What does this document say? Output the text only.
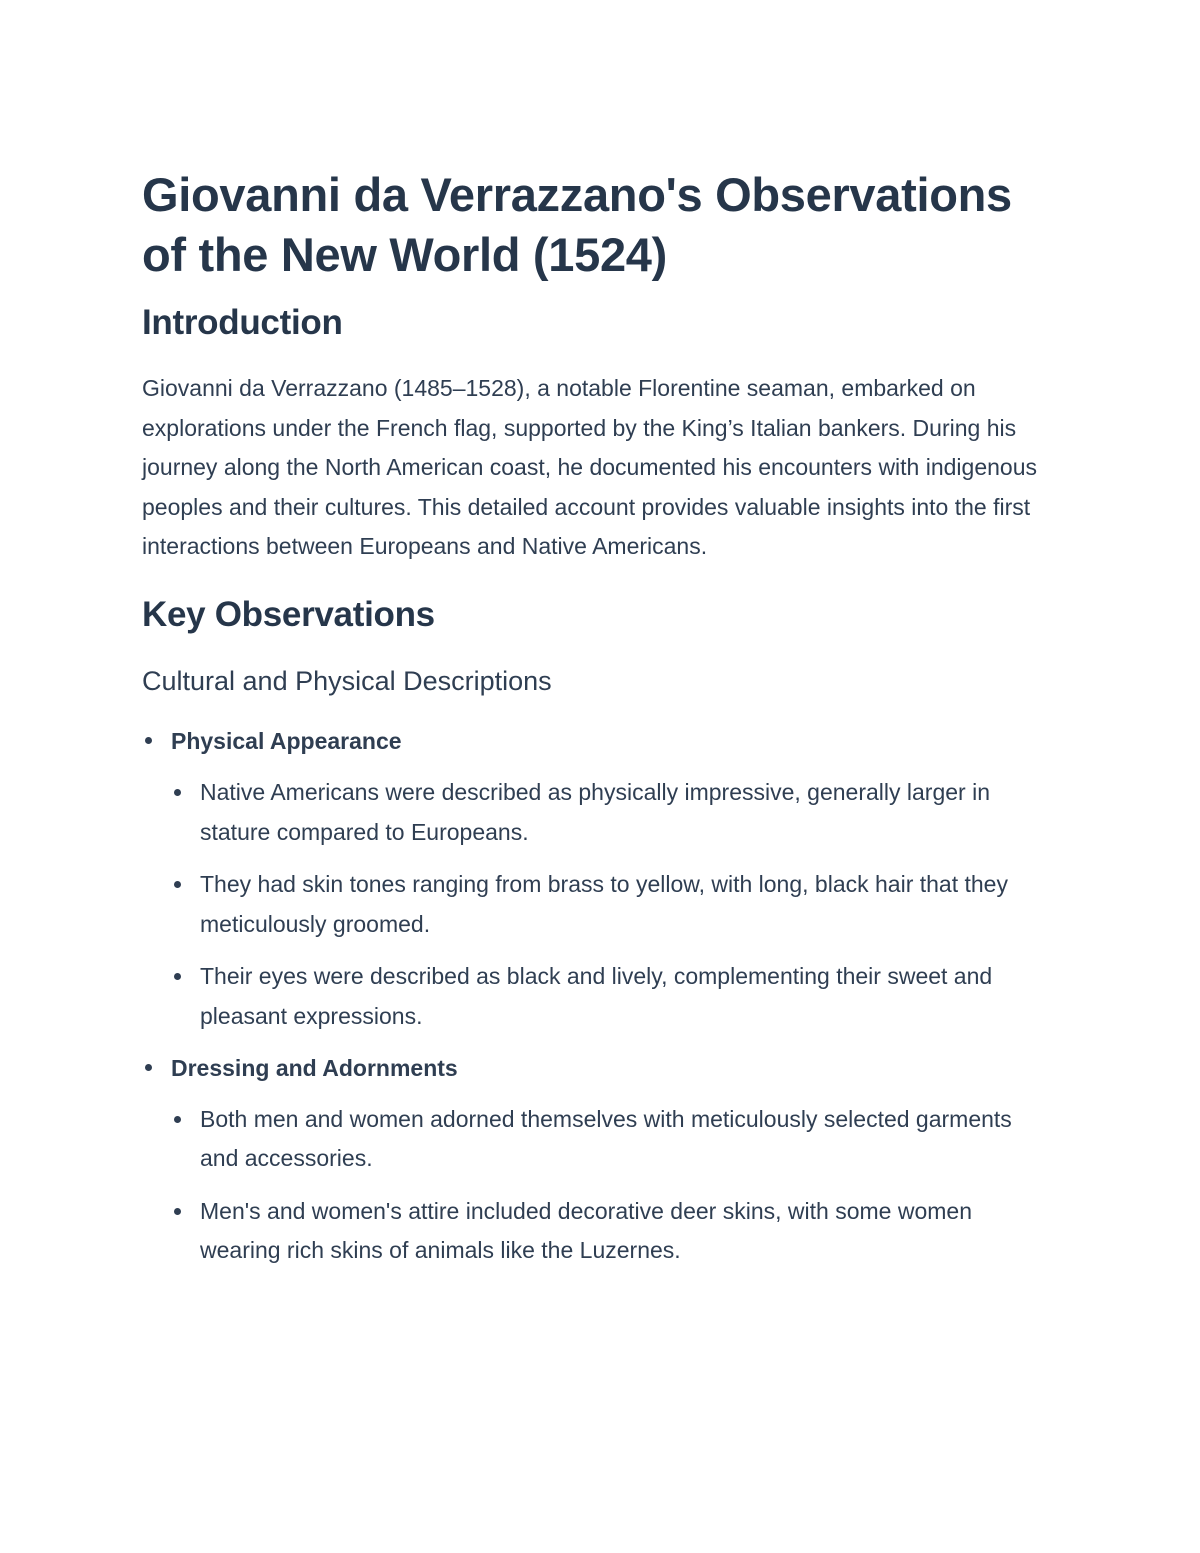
Giovanni da Verrazzano's Observations of the New World (1524)
Introduction

Giovanni da Verrazzano (1485–1528), a notable Florentine seaman, embarked on explorations under the French flag, supported by the King’s Italian bankers. During his journey along the North American coast, he documented his encounters with indigenous peoples and their cultures. This detailed account provides valuable insights into the first interactions between Europeans and Native Americans.

Key Observations
Cultural and Physical Descriptions
Physical Appearance
Native Americans were described as physically impressive, generally larger in stature compared to Europeans.
They had skin tones ranging from brass to yellow, with long, black hair that they meticulously groomed.
Their eyes were described as black and lively, complementing their sweet and pleasant expressions.
Dressing and Adornments
Both men and women adorned themselves with meticulously selected garments and accessories.
Men's and women's attire included decorative deer skins, with some women wearing rich skins of animals like the Luzernes.
